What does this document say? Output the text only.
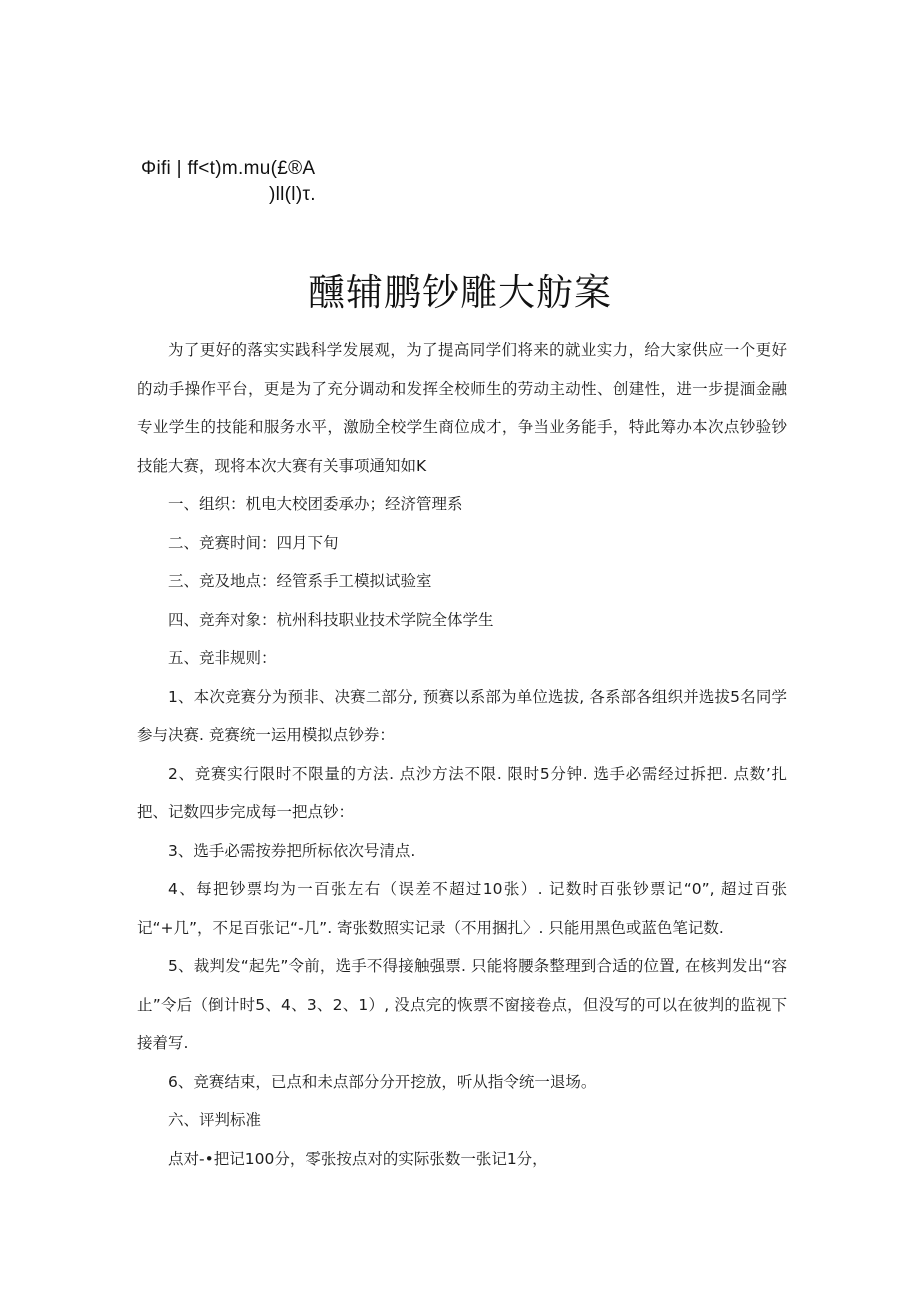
Φifi | ff<t)m.mu(£®A
)ll(l)τ.
醺辅鹏钞雕大舫案

为了更好的落实实践科学发展观，为了提高同学们将来的就业实力，给大家供应一个更好的动手操作平台，更是为了充分调动和发挥全校师生的劳动主动性、创建性，进一步提湎金融专业学生的技能和服务水平，激励全校学生商位成才，争当业务能手，特此筹办本次点钞验钞技能大赛，现将本次大赛有关事项通知如K

一、组织：机电大校团委承办；经济管理系

二、竞赛时间：四月下旬

三、竞及地点：经管系手工模拟试验室

四、竞奔对象：杭州科技职业技术学院全体学生

五、竞非规则：

1、本次竞赛分为预非、决赛二部分, 预赛以系部为单位选拔, 各系部各组织并选拔5名同学参与决赛. 竞赛统一运用模拟点钞券：

2、竞赛实行限时不限量的方法. 点沙方法不限. 限时5分钟. 选手必需经过拆把. 点数’扎把、记数四步完成每一把点钞：

3、选手必需按券把所标依次号清点.

4、每把钞票均为一百张左右（误差不超过10张）. 记数时百张钞票记“0”, 超过百张记“+几”，不足百张记“-几”. 寄张数照实记录（不用捆扎〉. 只能用黑色或蓝色笔记数.

5、裁判发“起先”令前，选手不得接触强票. 只能将腰条整理到合适的位置, 在核判发出“容止”令后（倒计时5、4、3、2、1）, 没点完的恢票不窗接卷点，但没写的可以在彼判的监视下接着写.

6、竞赛结束，已点和未点部分分开挖放，听从指令统一退场。

六、评判标准

点对-•把记100分，零张按点对的实际张数一张记1分，
